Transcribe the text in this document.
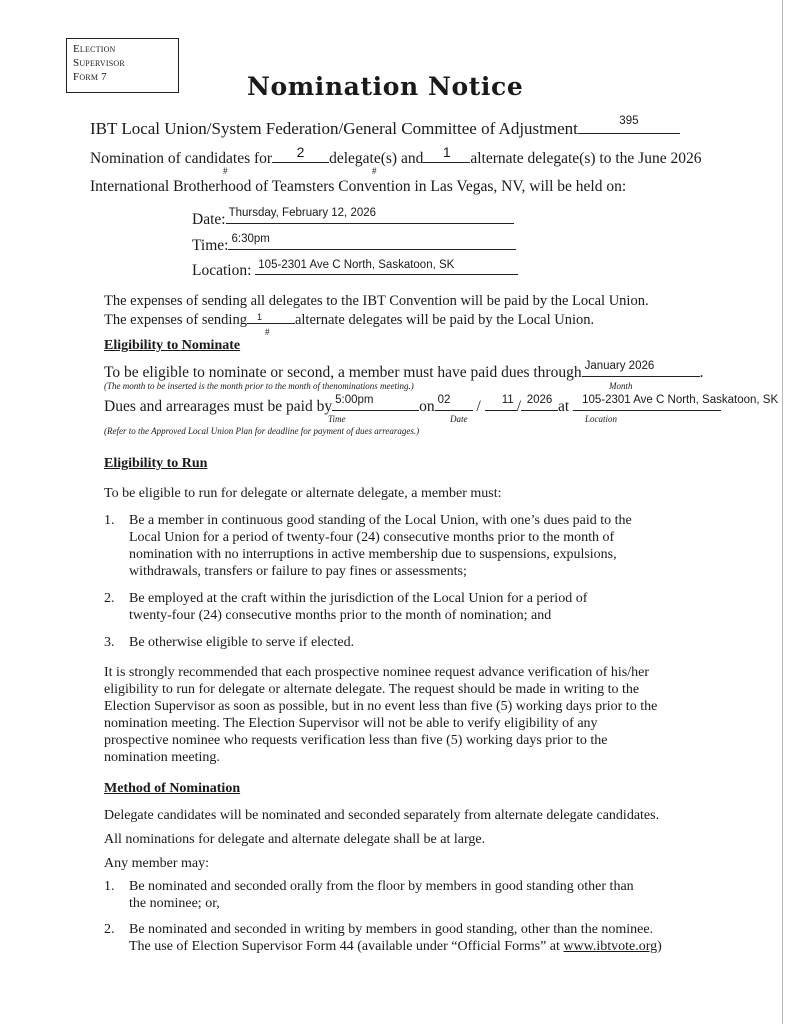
Election
Supervisor
Form 7	Nomination Notice
IBT Local Union/System Federation/General Committee of Adjustment	395
Nomination of candidates for	2	delegate(s) and	1	alternate delegate(s) to the June 2026
#	#
International Brotherhood of Teamsters Convention in Las Vegas, NV, will be held on:
Date: Thursday, February 12, 2026
Time: 6:30pm
Location: 105-2301 Ave C North, Saskatoon, SK
The expenses of sending all delegates to the IBT Convention will be paid by the Local Union.
The expenses of sending	1	alternate delegates will be paid by the Local Union.
#
Eligibility to Nominate
To be eligible to nominate or second, a member must have paid dues through January 2026	.
(The month to be inserted is the month prior to the month of thenominations meeting.)	Month
Dues and arrearages must be paid by 5:00pm	on 02	/	11 / 2026 at	105-2301 Ave C North, Saskatoon, SK
Time	Date	Location
(Refer to the Approved Local Union Plan for deadline for payment of dues arrearages.)
Eligibility to Run
To be eligible to run for delegate or alternate delegate, a member must:
1. Be a member in continuous good standing of the Local Union, with one’s dues paid to the
Local Union for a period of twenty-four (24) consecutive months prior to the month of
nomination with no interruptions in active membership due to suspensions, expulsions,
withdrawals, transfers or failure to pay fines or assessments;
2. Be employed at the craft within the jurisdiction of the Local Union for a period of
twenty-four (24) consecutive months prior to the month of nomination; and
3. Be otherwise eligible to serve if elected.
It is strongly recommended that each prospective nominee request advance verification of his/her
eligibility to run for delegate or alternate delegate. The request should be made in writing to the
Election Supervisor as soon as possible, but in no event less than five (5) working days prior to the
nomination meeting. The Election Supervisor will not be able to verify eligibility of any
prospective nominee who requests verification less than five (5) working days prior to the
nomination meeting.
Method of Nomination
Delegate candidates will be nominated and seconded separately from alternate delegate candidates.
All nominations for delegate and alternate delegate shall be at large.
Any member may:
1. Be nominated and seconded orally from the floor by members in good standing other than
the nominee; or,
2. Be nominated and seconded in writing by members in good standing, other than the nominee.
The use of Election Supervisor Form 44 (available under “Official Forms” at www.ibtvote.org)
